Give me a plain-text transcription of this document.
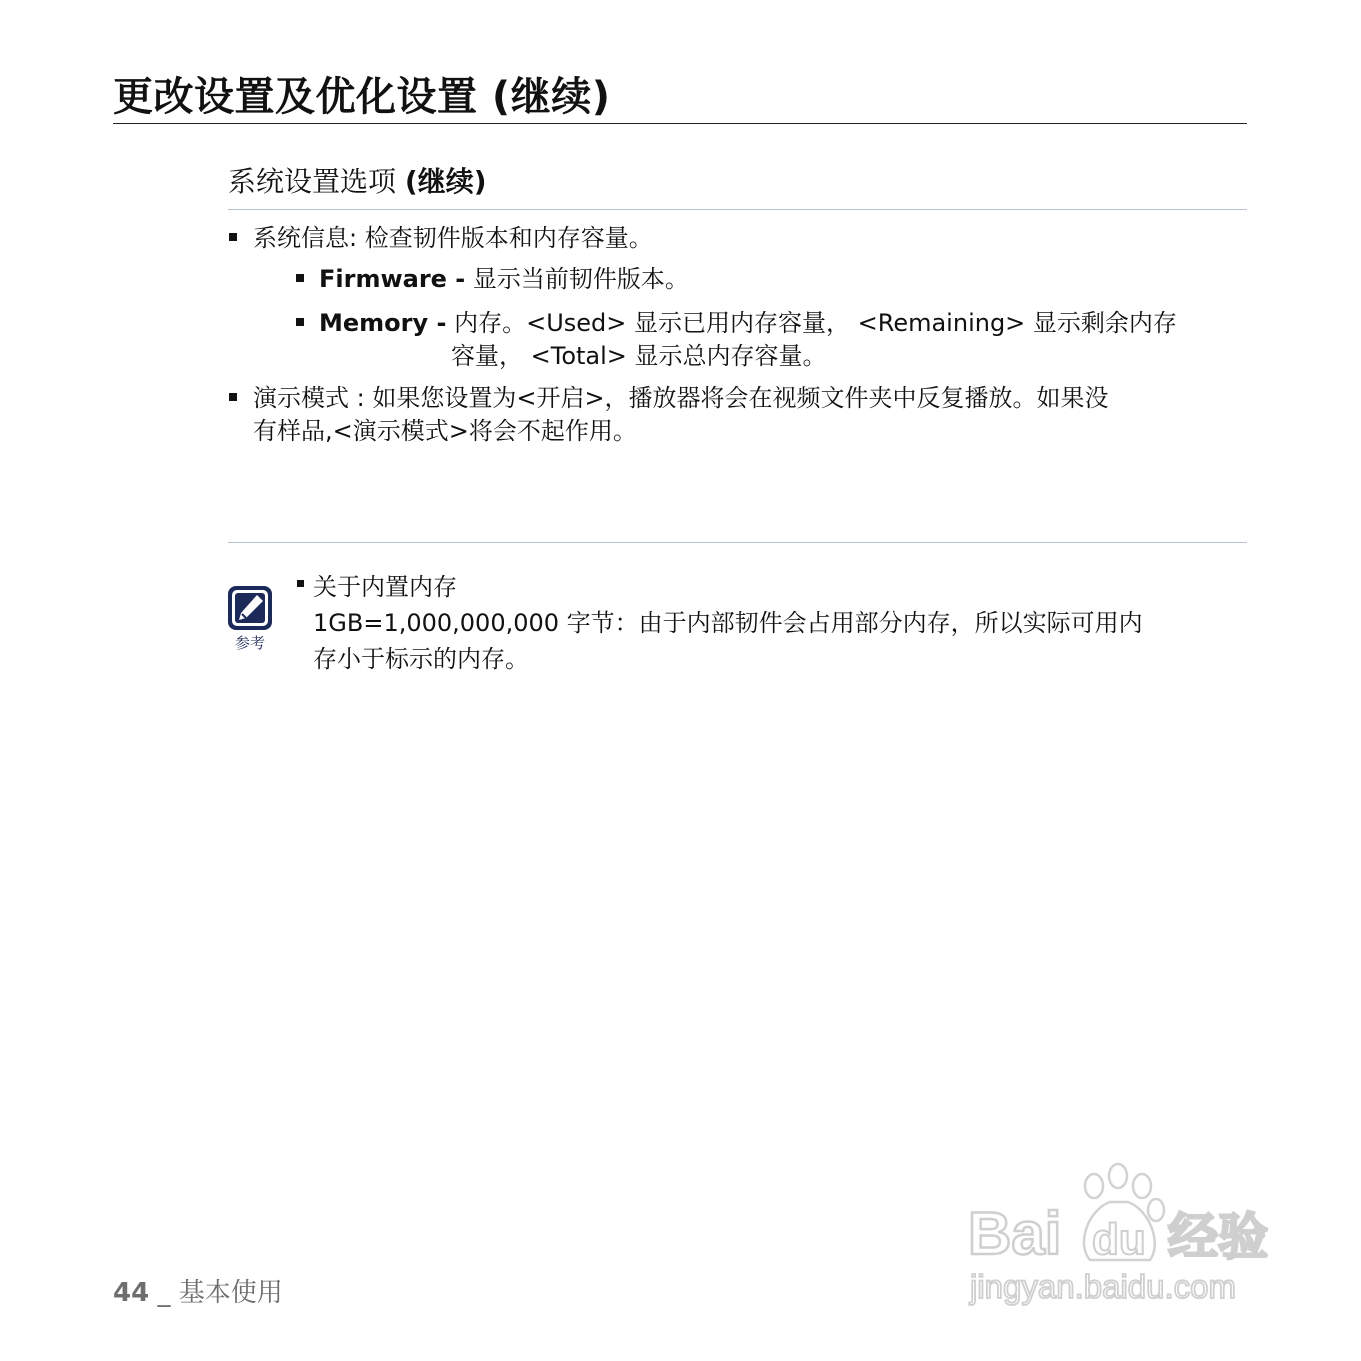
更改设置及优化设置 (继续)
系统设置选项 (继续)
系统信息: 检查韧件版本和内存容量。
Firmware - 显示当前韧件版本。
Memory - 内存。<Used> 显示已用内存容量， <Remaining> 显示剩余内存
容量， <Total> 显示总内存容量。
演示模式 : 如果您设置为<开启>，播放器将会在视频文件夹中反复播放。如果没
有样品,<演示模式>将会不起作用。
参考
关于内置内存
1GB=1,000,000,000 字节：由于内部韧件会占用部分内存，所以实际可用内
存小于标示的内存。
44 _ 基本使用
Bai du 经验
jingyan.baidu.com
